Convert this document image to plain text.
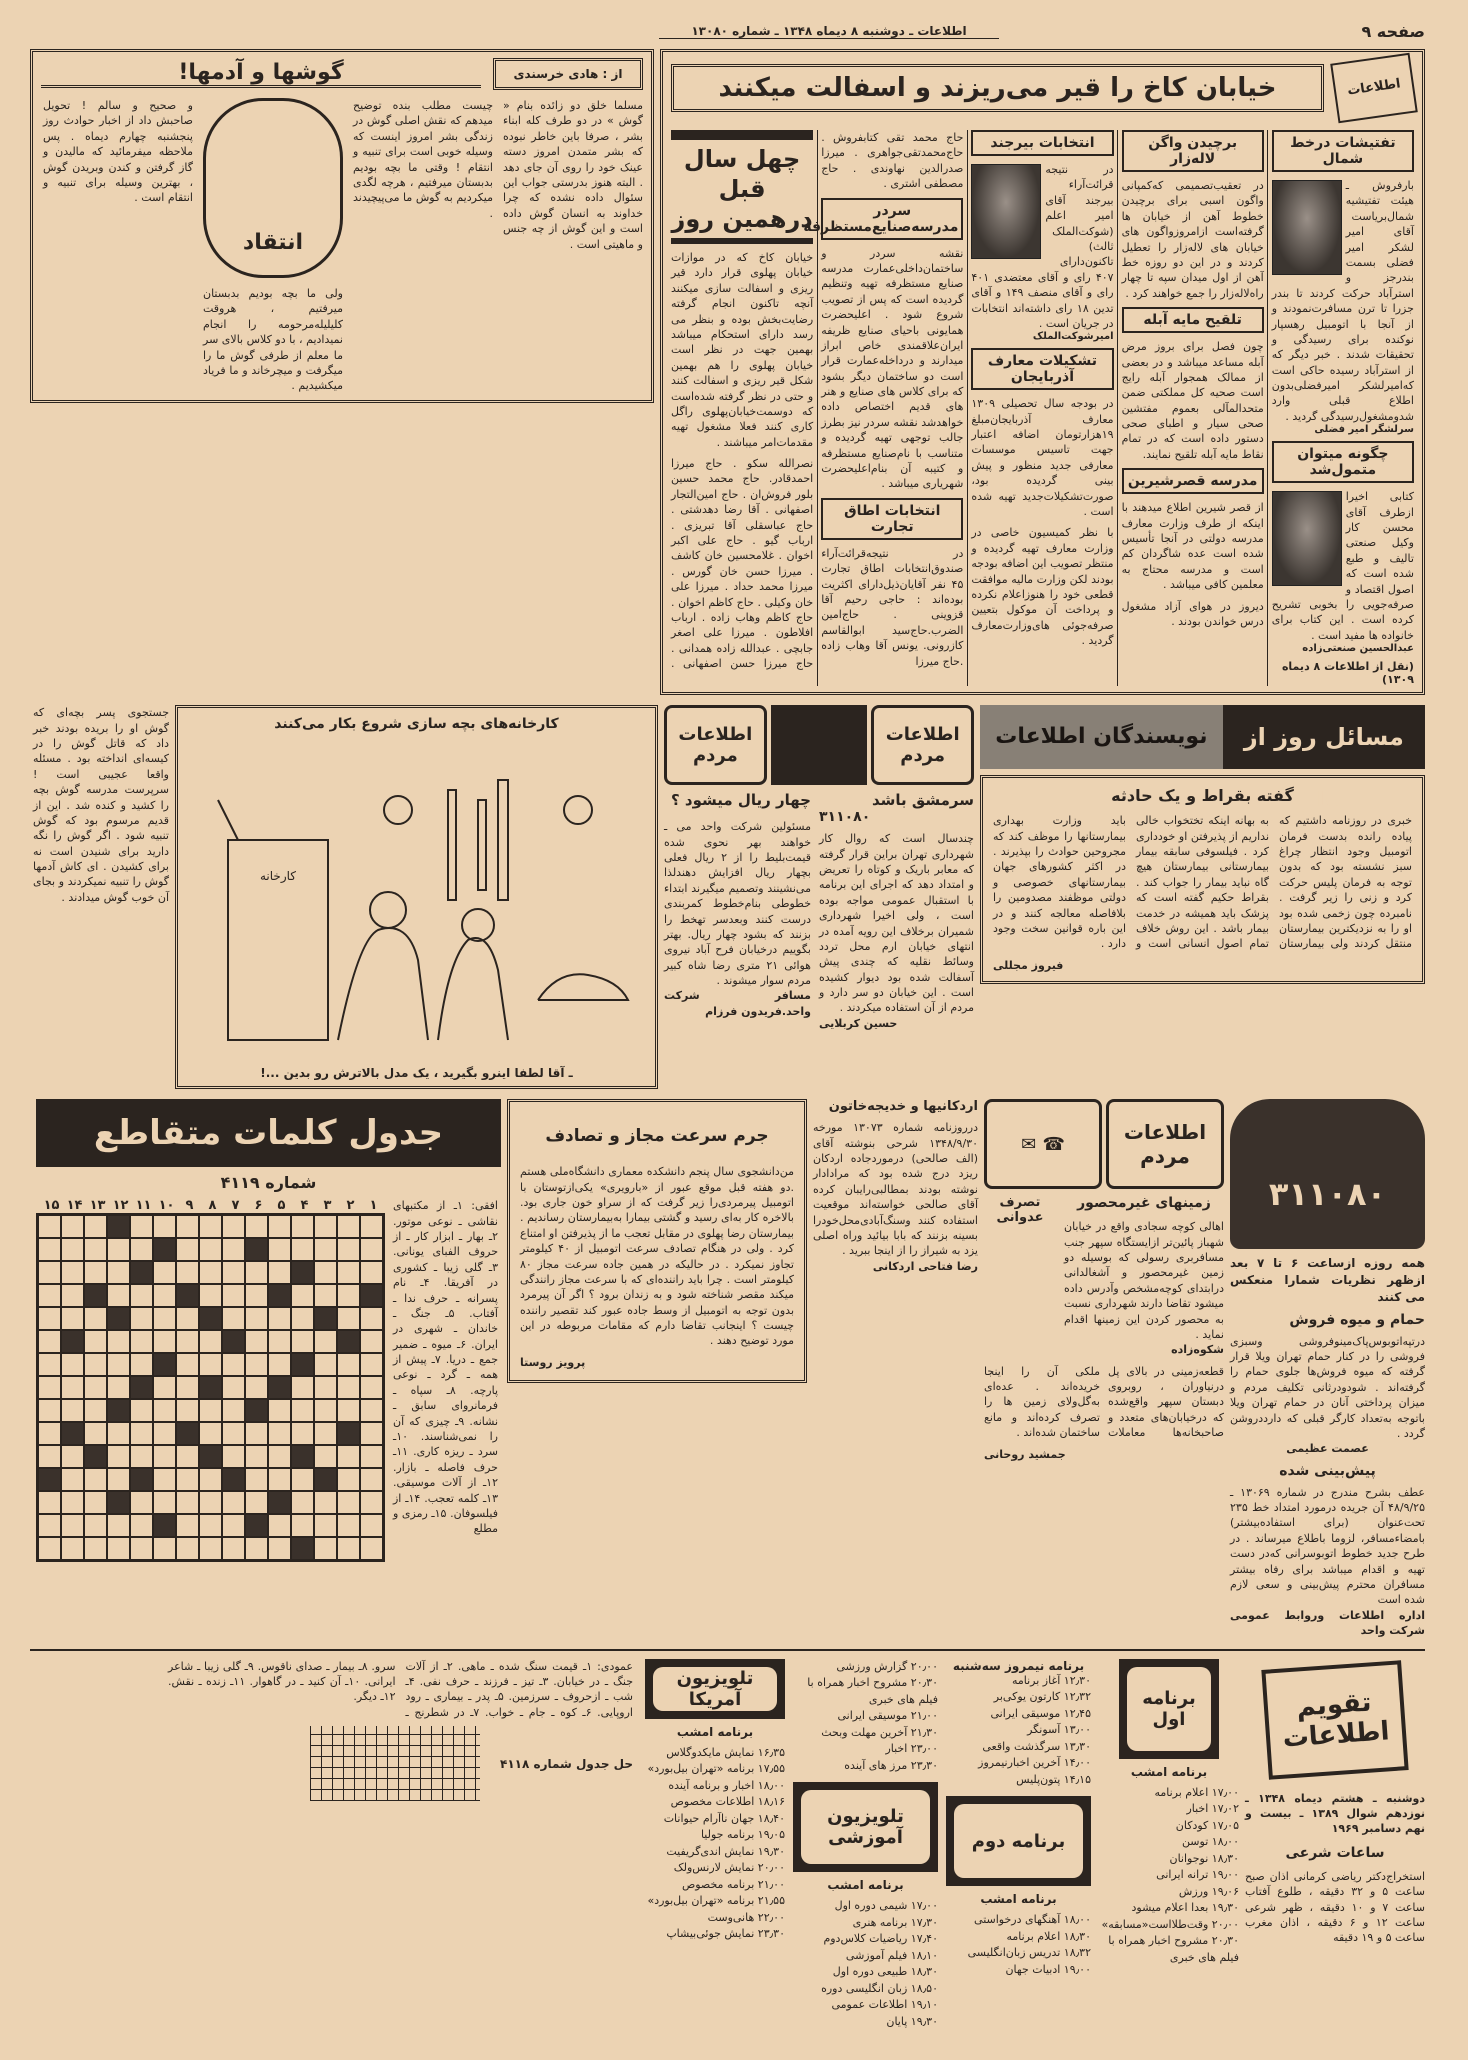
صفحه ۹
اطلاعات ـ دوشنبه ۸ دیماه ۱۳۴۸ ـ شماره ۱۳۰۸۰
اطلاعات
خیابان کاخ را قیر می‌ریزند و اسفالت میکنند
چهل سال قبل درهمین روز
خیابان کاخ که در موازات خیابان پهلوی قرار دارد قیر ریزی و اسفالت سازی میکنند آنچه تاکنون انجام گرفته رضایت‌بخش بوده و بنظر می رسد دارای استحکام میباشد بهمین جهت در نظر است خیابان پهلوی را هم بهمین شکل قیر ریزی و اسفالت کنند و حتی در نظر گرفته شده‌است که دوسمت‌خیابان‌پهلوی راگل کاری کنند فعلا مشغول تهیه مقدمات‌امر میباشند .
نصرالله سکو . حاج میرزا احمد‌قادر. حاج محمد حسین بلور فروش‌ان . حاج امین‌التجار اصفهانی . آقا رضا دهدشتی . حاج عباسقلی آقا تبریزی . ارباب گیو . حاج علی اکبر اخوان . غلامحسین خان کاشف . میرزا حسن خان گورس . میرزا محمد حداد . میرزا علی خان وکیلی . حاج کاظم اخوان . حاج کاظم وهاب زاده . ارباب افلاطون . میرزا علی اصغر جابچی . عبدالله زاده همدانی . حاج میرزا حسن اصفهانی . حاج محمد تقی کتابفروش . حاج‌محمدتقی‌جواهری . میرزا صدرالدین نهاوندی . حاج مصطفی اشتری .
سردر مدرسه‌صنایع‌مستظرفه
نقشه سردر و ساختمان‌داخلی‌عمارت مدرسه صنایع مستظرفه تهیه وتنظیم گردیده است که پس از تصویب شروع شود . اعلیحضرت همایونی باحیای صنایع ظریفه ایران‌علاقمندی خاص ابراز میدارند و درداخله‌عمارت قرار است دو ساختمان دیگر بشود که برای کلاس های صنایع و هنر های قدیم اختصاص داده خواهدشد نقشه سردر نیز بطرز جالب توجهی تهیه گردیده و متناسب با نام‌صنایع مستظرفه و کتیبه آن بنام‌اعلیحضرت شهریاری میباشد .
انتخابات اطاق تجارت
در نتیجه‌قرائت‌آراء صندوق‌انتخابات اطاق تجارت ۴۵ نفر آقایان‌ذیل‌دارای اکثریت بوده‌اند : حاجی رحیم آقا قزوینی . حاج‌امین الضرب.حاج‌سید ابوالقاسم کازرونی. یونس آقا وهاب زاده .حاج میرزا
انتخابات بیرجند
در نتیجه قرائت‌آراء بیرجند آقای امیر اعلم (شوکت‌الملک ثالث) تاکنون‌دارای ۴۰۷ رای و آقای معتضدی ۴۰۱ رای و آقای منصف ۱۴۹ و آقای تدین ۱۸ رای داشته‌اند انتخابات در جریان است .
امیرشوکت‌الملک
تشکیلات معارف آذربایجان
در بودجه سال تحصیلی ۱۳۰۹ معارف آذربایجان‌مبلغ ۱۹هزارتومان اضافه اعتبار جهت تاسیس موسسات معارفی جدید منظور و پیش بینی گردیده بود، صورت‌تشکیلات‌جدید تهیه شده است .
با نظر کمیسیون خاصی در وزارت معارف تهیه گردیده و منتظر تصویب این اضافه بودجه بودند لکن وزارت مالیه موافقت قطعی خود را هنوزاعلام نکرده و پرداخت آن موکول بتعیین صرفه‌جوئی های‌وزارت‌معارف گردید .
برچیدن واگن لاله‌زار
در تعقیب‌تصمیمی که‌کمپانی واگون اسبی برای برچیدن خطوط آهن از خیابان ها گرفته‌است از‌امروز‌واگون های خیابان های لاله‌زار را تعطیل کردند و در این دو روزه خط آهن از اول میدان سپه تا چهار راه‌لاله‌زار را جمع خواهند کرد .
تلقیح مایه آبله
چون فصل برای بروز مرض آبله مساعد میباشد و در بعضی از ممالک همجوار آبله رایج است صحیه کل مملکتی ضمن متحدالمآلی بعموم مفتشین صحی سیار و اطبای صحی دستور داده است که در تمام نقاط مایه آبله تلقیح نمایند.
مدرسه قصرشیرین
از قصر شیرین اطلاع میدهند با اینکه از طرف وزارت معارف مدرسه دولتی در آنجا تأسیس شده است عده شاگردان کم است و مدرسه محتاج به معلمین کافی میباشد .
دیروز در هوای آزاد مشغول درس خواندن بودند .
تفتیشات درخط شمال
بارفروش ـ هیئت تفتیشیه شمال‌بریاست آقای امیر لشکر امیر فضلی بسمت بندرجز و استرآباد حرکت کردند تا بندر جزرا تا ترن مسافرت‌نمودند و از آنجا با اتومبیل رهسپار نوکنده برای رسیدگی و تحقیقات شدند . خبر دیگر که از استرآباد رسیده حاکی است که‌امیرلشکر امیرفضلی‌بدون اطلاع قبلی وارد شدومشغول‌رسیدگی گردید .
سرلشگر امیر فضلی
چگونه میتوان متمول‌شد
کتابی اخیرا ازطرف آقای محسن کار وکیل صنعتی تالیف و طبع شده است که اصول اقتصاد و صرفه‌جویی را بخوبی تشریح کرده است . این کتاب برای خانواده ها مفید است .
عبدالحسین صنعتی‌زاده
(نقل از اطلاعات ۸ دیماه ۱۳۰۹)
از : هادی خرسندی
گوشها و آدمها!
مسلما خلق دو زائده بنام « گوش » در دو طرف کله ابناء بشر ، صرفا باین خاطر نبوده که بشر متمدن امروز دسته عینک خود را روی آن جای دهد . البته هنوز بدرستی جواب این سئوال داده نشده که چرا خداوند به انسان گوش داده است و این گوش از چه جنس و ماهیتی است .
چیست مطلب بنده توضیح میدهم که نقش اصلی گوش در زندگی بشر امروز اینست که وسیله خوبی است برای تنبیه و انتقام ! وقتی ما بچه بودیم بدبستان میرفتیم ، هرچه لگدی میکردیم به گوش ما می‌پیچیدند .
انتقاد
ولی ما بچه بودیم بدبستان میرفتیم ، هروقت کلیلیله‌مرحومه را انجام نمیدادیم ، با دو کلاس بالای سر ما معلم از طرفی گوش ما را میگرفت و میچرخاند و ما فریاد میکشیدیم .
و صحیح و سالم ! تحویل صاحبش داد از اخبار حوادث روز پنجشنبه چهارم دیماه . پس ملاحظه میفرمائید که مالیدن و گاز گرفتن و کندن وبریدن گوش ، بهترین وسیله برای تنبیه و انتقام است .
نویسندگان اطلاعات	مسائل روز از نظر
گفته بقراط و یک حادثه
خبری در روزنامه داشتیم که پیاده رانده بدست فرمان اتومبیل وجود انتظار چراغ سبز نشسته بود که بدون توجه به فرمان پلیس حرکت کرد و زنی را زیر گرفت . نامبرده چون زخمی شده بود او را به نزدیکترین بیمارستان منتقل کردند ولی بیمارستان به بهانه اینکه تختخواب خالی نداریم از پذیرفتن او خودداری کرد . فیلسوفی سابقه بیمار بیمارستانی بیمارستان هیچ گاه نباید بیمار را جواب کند . بقراط حکیم گفته است که پزشک باید همیشه در خدمت بیمار باشد . این روش خلاف تمام اصول انسانی است و باید وزارت بهداری بیمارستانها را موظف کند که مجروحین حوادث را بپذیرند . در اکثر کشورهای جهان بیمارستانهای خصوصی و دولتی موظفند مصدومین را بلافاصله معالجه کنند و در این باره قوانین سخت وجود دارد .
فیروز مجللی
اطلاعات
مردم
اطلاعات
مردم
سرمشق باشد
۳۱۱۰۸۰
چندسال است که روال کار شهرداری تهران براین قرار گرفته که معابر باریک و کوتاه را تعریض و امتداد دهد که اجرای این برنامه با استقبال عمومی مواجه بوده است ، ولی اخیرا شهرداری شمیران برخلاف این رویه آمده در انتهای خیابان ارم محل تردد وسائط نقلیه که چندی پیش آسفالت شده بود دیوار کشیده است . این خیابان دو سر دارد و مردم از آن استفاده میکردند .
حسین کربلایی
چهار ریال میشود ؟
مسئولین شرکت واحد می ـ خواهند بهر نحوی شده قیمت‌بلیط را از ۲ ریال فعلی بچهار ریال افزایش دهندلذا می‌نشینند وتصمیم میگیرند ابتداء خطوطی بنام‌خطوط کمربندی درست کنند وبعدسر تهخط را بزنند که بشود چهار ریال. بهتر بگوییم درخیابان فرح آباد نیروی هوائی ۲۱ متری رضا شاه کبیر مردم سوار میشوند .
مسافر شرکت واحد.فریدون فرزام
کارخانه‌های بچه سازی شروع بکار می‌کنند
کارخانه
ـ آقا لطفا اینرو بگیرید ، یک مدل بالاترش رو بدین ...!
جستجوی پسر بچه‌ای که گوش او را بریده بودند خبر داد که قاتل گوش را در کیسه‌ای انداخته بود . مسئله واقعا عجیبی است ! سرپرست مدرسه گوش بچه را کشید و کنده شد . این از قدیم مرسوم بود که گوش تنبیه شود . اگر گوش را نگه دارید برای شنیدن است نه برای کشیدن . ای کاش آدمها گوش را تنبیه نمیکردند و بجای آن خوب گوش میدادند .
۳۱۱۰۸۰
همه روزه ازساعت ۶ تا ۷ بعد ازظهر نظریات شمارا منعکس می کنند
حمام و میوه فروش
درتپه‌اتوبوس‌پاک‌مینو‌فروشی وسبزی فروشی را در کنار حمام تهران ویلا قرار گرفته که میوه فروش‌ها جلوی حمام را گرفته‌اند . شودودرثانی تکلیف مردم و میزان پرداختی آنان در حمام تهران ویلا باتوجه به‌تعداد کارگر قبلی که دارددروشن گردد .
عصمت عظیمی
پیش‌بینی شده
عطف بشرح مندرج در شماره ۱۳۰۶۹ ـ ۴۸/۹/۲۵ آن جریده درمورد امتداد خط ۲۳۵ تحت‌عنوان (برای استفاده‌بیشتر) بامضاء‌مسافر، لزوما باطلاع میرساند . در طرح جدید خطوط اتوبوسرانی که‌در دست تهیه و اقدام میباشد برای رفاه بیشتر مسافران محترم پیش‌بینی و سعی لازم شده است
اداره اطلاعات وروابط عمومی شرکت واحد
☎ ✉	اطلاعات
مردم
زمینهای غیرمحصور
اهالی کوچه سجادی واقع در خیابان شهباز پائین‌تر ازایستگاه سپهر جنب مسافربری رسولی که بوسیله دو زمین غیرمحصور و آشغالدانی درابتدای کوچه‌مشخص وآدرس داده میشود تقاضا دارند شهرداری نسبت به محصور کردن این زمینها اقدام نماید .
شکوه‌زاده
تصرف عدوانی
قطعه‌زمینی در بالای پل درنیاوران ، روبروی دبستان سپهر واقع‌شده که درخیابان‌های متعدد و صاحبخانه‌ها معاملات ملکی آن را اینجا خریده‌اند . عده‌ای به‌گل‌ولای زمین ها را تصرف کرده‌اند و مانع ساختمان شده‌اند .
جمشید روحانی
اردکانیها و خدیجه‌خاتون
درروزنامه شماره ۱۳۰۷۳ مورخه ۱۳۴۸/۹/۳۰ شرحی بنوشته آقای (الف صالحی) درمورد‌جاده اردکان ریزد درج شده بود که مرادادار نوشته بودند بمطالبی‌رایبان کرده آقای صالحی خواسته‌اند موقعیت استفاده کنند وسنگ‌آبادی‌محل‌خودرا بسینه بزنند که بابا بیائید وراه اصلی یزد به شیراز را از اینجا ببرید .
رضا فتاحی اردکانی
جرم سرعت مجاز و تصادف
من‌دانشجوی سال پنجم دانشکده معماری دانشگاه‌ملی هستم .دو هفته قبل موقع عبور از «بارویری» یکی‌ازتوستان با اتومبیل پیرمردی‌را زیر گرفت که از سراو خون جاری بود. بالاخره کار به‌ای رسید و گشتی بیمارا به‌بیمارستان رساندیم . بیمارستان رضا پهلوی در مقابل تعجب ما از پذیرفتن او امتناع کرد . ولی در هنگام تصادف سرعت اتومبیل از ۴۰ کیلومتر تجاوز نمیکرد . در حالیکه در همین جاده سرعت مجاز ۸۰ کیلومتر است . چرا باید راننده‌ای که با سرعت مجاز رانندگی میکند مقصر شناخته شود و به زندان برود ؟ اگر آن پیرمرد بدون توجه به اتومبیل از وسط جاده عبور کند تقصیر راننده چیست ؟ اینجانب تقاضا دارم که مقامات مربوطه در این مورد توضیح دهند .
پرویز روستا
جدول کلمات متقاطع
شماره ۴۱۱۹
۱
۲
۳
۴
۵
۶
۷
۸
۹
۱۰
۱۱
۱۲
۱۳
۱۴
۱۵	افقی: ۱ـ از مکتبهای نقاشی ـ نوعی موتور. ۲ـ بهار ـ ابزار کار ـ از حروف الفبای یونانی. ۳ـ گلی زیبا ـ کشوری در آفریقا. ۴ـ نام پسرانه ـ حرف ندا ـ آفتاب. ۵ـ جنگ ـ خاندان ـ شهری در ایران. ۶ـ میوه ـ ضمیر جمع ـ دریا. ۷ـ پیش از همه ـ گرد ـ نوعی پارچه. ۸ـ سپاه ـ فرمانروای سابق ـ نشانه. ۹ـ چیزی که آن را نمی‌شناسند. ۱۰ـ سرد ـ ریزه کاری. ۱۱ـ حرف فاصله ـ بازار. ۱۲ـ از آلات موسیقی. ۱۳ـ کلمه تعجب. ۱۴ـ از فیلسوفان. ۱۵ـ رمزی و مطلع
تقویم اطلاعات
دوشنبه ـ هشتم دیماه ۱۳۴۸ ـ نوزدهم شوال ۱۳۸۹ ـ بیست و نهم دسامبر ۱۹۶۹
ساعات شرعی
استخراج‌دکتر ریاضی کرمانی اذان صبح ساعت ۵ و ۳۲ دقیقه ، طلوع آفتاب ساعت ۷ و ۱۰ دقیقه ، ظهر شرعی ساعت ۱۲ و ۶ دقیقه ، اذان مغرب ساعت ۵ و ۱۹ دقیقه
برنامه اول
برنامه امشب
۱۷٫۰۰ اعلام برنامه
۱۷٫۰۲ اخبار
۱۷٫۰۵ کودکان
۱۸٫۰۰ توسن
۱۸٫۳۰ نوجوانان
۱۹٫۰۰ ترانه ایرانی
۱۹٫۰۶ ورزش
۱۹٫۳۰ بعدا اعلام میشود
۲۰٫۰۰ وقت‌طلااست«مسابقه»
۲۰٫۳۰ مشروح اخبار همراه با فیلم های خبری
برنامه نیمروز سه‌شنبه
۱۲٫۳۰ آغاز برنامه
۱۲٫۳۲ کارتون یوکی‌بر
۱۲٫۴۵ موسیقی ایرانی
۱۳٫۰۰ آسونگر
۱۳٫۳۰ سرگذشت واقعی
۱۴٫۰۰ آخرین اخبارنیمروز
۱۴٫۱۵ پتون‌پلیس
برنامه دوم
برنامه امشب
۱۸٫۰۰ آهنگهای درخواستی
۱۸٫۳۰ اعلام برنامه
۱۸٫۳۲ تدریس زبان‌انگلیسی
۱۹٫۰۰ ادبیات جهان
۲۰٫۰۰ گزارش ورزشی
۲۰٫۳۰ مشروح اخبار همراه با فیلم های خبری
۲۱٫۰۰ موسیقی ایرانی
۲۱٫۳۰ آخرین مهلت وبحث
۲۳٫۰۰ اخبار
۲۳٫۳۰ مرز های آینده
تلویزیون آموزشی
برنامه امشب
۱۷٫۰۰ شیمی دوره اول
۱۷٫۳۰ برنامه هنری
۱۷٫۴۰ ریاضیات کلاس‌دوم
۱۸٫۱۰ فیلم آموزشی
۱۸٫۳۰ طبیعی دوره اول
۱۸٫۵۰ زبان انگلیسی دوره
۱۹٫۱۰ اطلاعات عمومی
۱۹٫۳۰ پایان
تلویزیون آمریکا
برنامه امشب
۱۶٫۳۵ نمایش مایکدوگلاس
۱۷٫۵۵ برنامه «تهران بیل‌بورد»
۱۸٫۰۰ اخبار و برنامه آینده
۱۸٫۱۶ اطلاعات مخصوص
۱۸٫۴۰ جهان ناآرام حیوانات
۱۹٫۰۵ برنامه جولیا
۱۹٫۳۰ نمایش اندی‌گریفیت
۲۰٫۰۰ نمایش لارنس‌ولک
۲۱٫۰۰ برنامه مخصوص
۲۱٫۵۵ برنامه «تهران بیل‌بورد»
۲۲٫۰۰ هانی‌وست
۲۳٫۳۰ نمایش جوئی‌بیشاپ
عمودی: ۱ـ قیمت سنگ شده ـ ماهی. ۲ـ از آلات جنگ ـ در خیابان. ۳ـ تیز ـ فرزند ـ حرف نفی. ۴ـ شب ـ ازحروف ـ سرزمین. ۵ـ پدر ـ بیماری ـ رود اروپایی. ۶ـ کوه ـ جام ـ خواب. ۷ـ در شطرنج ـ سرو. ۸ـ بیمار ـ صدای ناقوس. ۹ـ گلی زیبا ـ شاعر ایرانی. ۱۰ـ آن کنید ـ در گاهوار. ۱۱ـ زنده ـ نقش. ۱۲ـ دیگر.
حل جدول شماره ۴۱۱۸
